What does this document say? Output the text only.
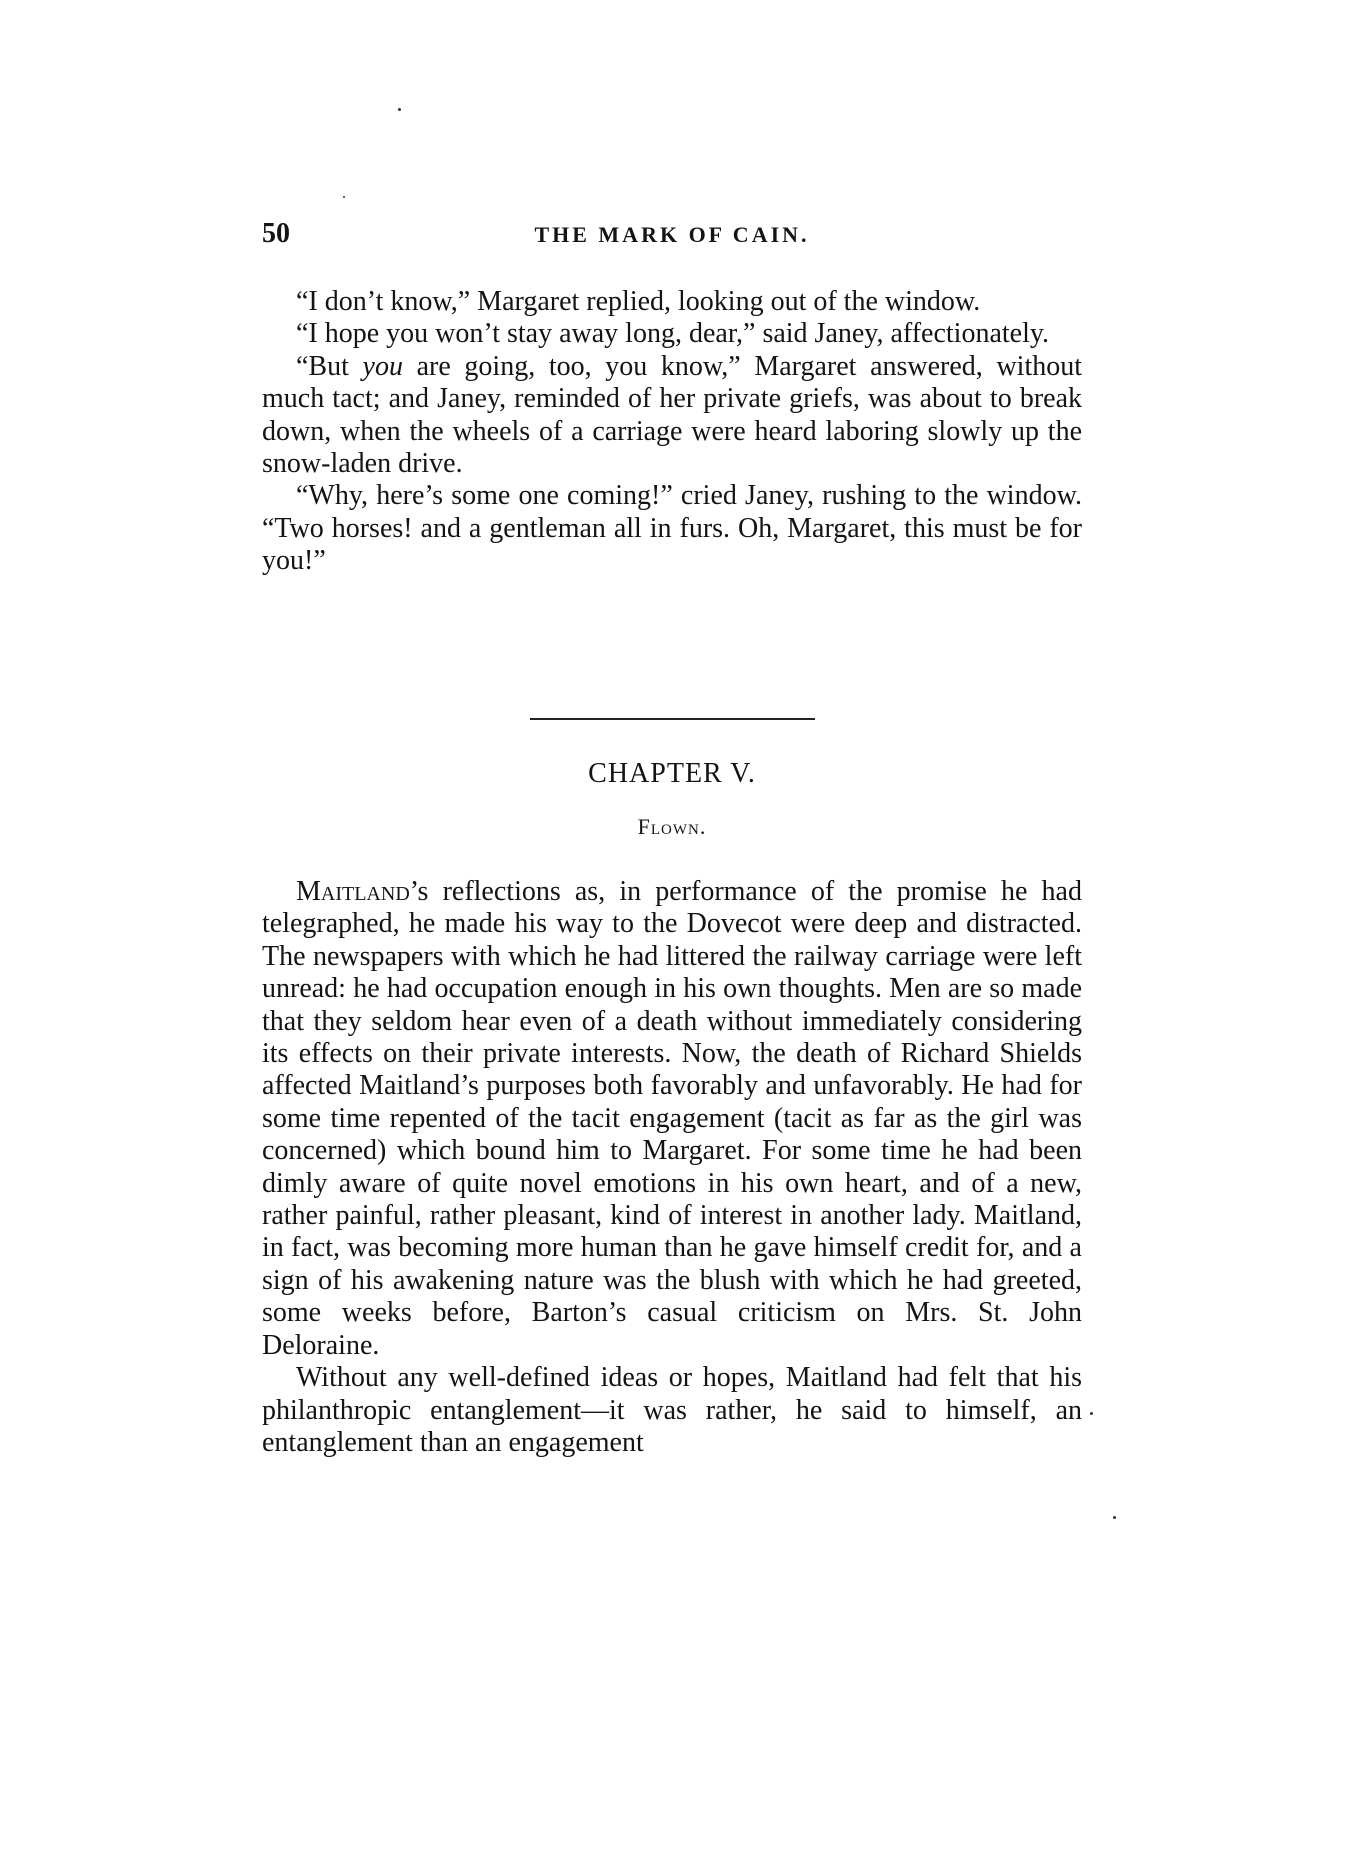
50	THE MARK OF CAIN.

“I don’t know,” Margaret replied, looking out of the window.

“I hope you won’t stay away long, dear,” said Janey, affectionately.

“But you are going, too, you know,” Margaret answered, without much tact; and Janey, reminded of her private griefs, was about to break down, when the wheels of a carriage were heard laboring slowly up the snow-laden drive.

“Why, here’s some one coming!” cried Janey, rushing to the window. “Two horses! and a gentleman all in furs. Oh, Margaret, this must be for you!”

CHAPTER V.
Flown.

Maitland’s reflections as, in performance of the promise he had telegraphed, he made his way to the Dovecot were deep and distracted. The newspapers with which he had littered the railway carriage were left unread: he had occupation enough in his own thoughts. Men are so made that they seldom hear even of a death without immediately considering its effects on their private interests. Now, the death of Richard Shields affected Maitland’s purposes both favorably and unfavorably. He had for some time repented of the tacit engagement (tacit as far as the girl was concerned) which bound him to Margaret. For some time he had been dimly aware of quite novel emotions in his own heart, and of a new, rather painful, rather pleasant, kind of interest in another lady. Maitland, in fact, was becoming more human than he gave himself credit for, and a sign of his awakening nature was the blush with which he had greeted, some weeks before, Barton’s casual criticism on Mrs. St. John Deloraine.

Without any well-defined ideas or hopes, Maitland had felt that his philanthropic entanglement—it was rather, he said to himself, an entanglement than an engagement
